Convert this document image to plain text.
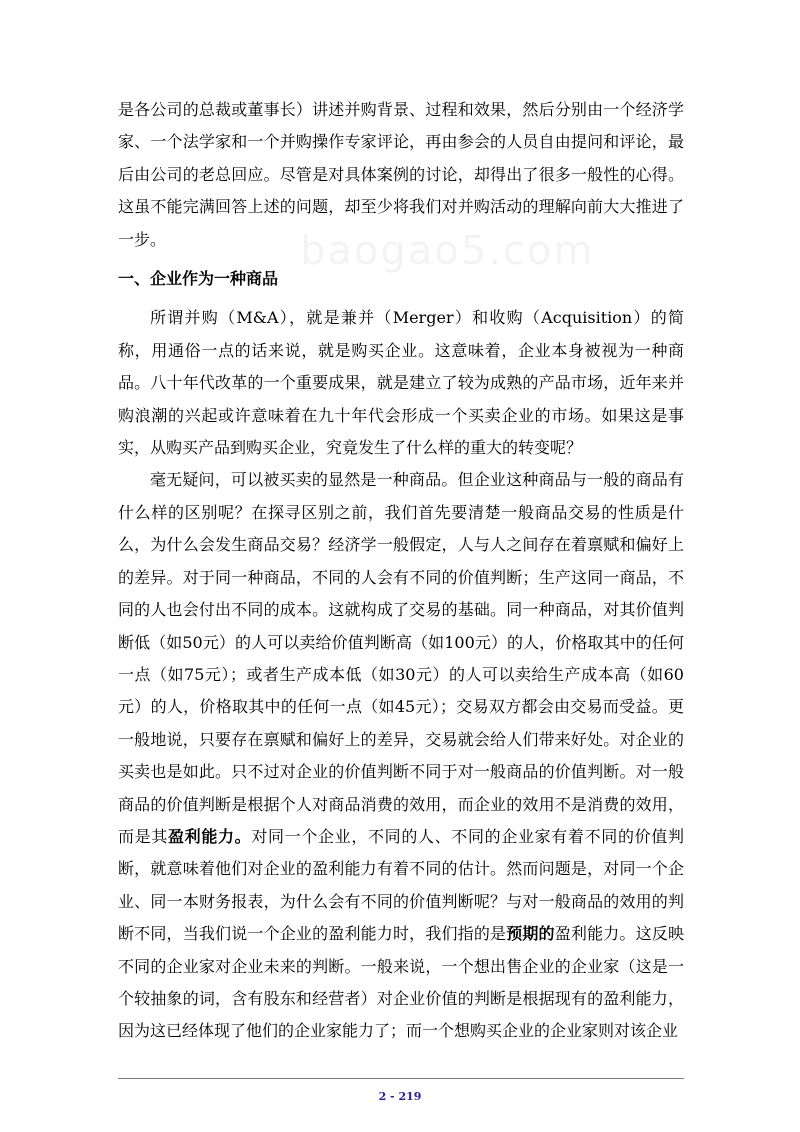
是各公司的总裁或董事长）讲述并购背景、过程和效果，然后分别由一个经济学家、一个法学家和一个并购操作专家评论，再由参会的人员自由提问和评论，最后由公司的老总回应。尽管是对具体案例的讨论，却得出了很多一般性的心得。这虽不能完满回答上述的问题，却至少将我们对并购活动的理解向前大大推进了一步。

一、企业作为一种商品

所谓并购（M&A），就是兼并（Merger）和收购（Acquisition）的简称，用通俗一点的话来说，就是购买企业。这意味着，企业本身被视为一种商品。八十年代改革的一个重要成果，就是建立了较为成熟的产品市场，近年来并购浪潮的兴起或许意味着在九十年代会形成一个买卖企业的市场。如果这是事实，从购买产品到购买企业，究竟发生了什么样的重大的转变呢？

毫无疑问，可以被买卖的显然是一种商品。但企业这种商品与一般的商品有什么样的区别呢？在探寻区别之前，我们首先要清楚一般商品交易的性质是什么，为什么会发生商品交易？经济学一般假定，人与人之间存在着禀赋和偏好上的差异。对于同一种商品，不同的人会有不同的价值判断；生产这同一商品，不同的人也会付出不同的成本。这就构成了交易的基础。同一种商品，对其价值判断低（如50元）的人可以卖给价值判断高（如100元）的人，价格取其中的任何一点（如75元）；或者生产成本低（如30元）的人可以卖给生产成本高（如60元）的人，价格取其中的任何一点（如45元）；交易双方都会由交易而受益。更一般地说，只要存在禀赋和偏好上的差异，交易就会给人们带来好处。对企业的买卖也是如此。只不过对企业的价值判断不同于对一般商品的价值判断。对一般商品的价值判断是根据个人对商品消费的效用，而企业的效用不是消费的效用，而是其盈利能力。对同一个企业，不同的人、不同的企业家有着不同的价值判断，就意味着他们对企业的盈利能力有着不同的估计。然而问题是，对同一个企业、同一本财务报表，为什么会有不同的价值判断呢？与对一般商品的效用的判断不同，当我们说一个企业的盈利能力时，我们指的是预期的盈利能力。这反映不同的企业家对企业未来的判断。一般来说，一个想出售企业的企业家（这是一个较抽象的词，含有股东和经营者）对企业价值的判断是根据现有的盈利能力，因为这已经体现了他们的企业家能力了；而一个想购买企业的企业家则对该企业

2 - 219
